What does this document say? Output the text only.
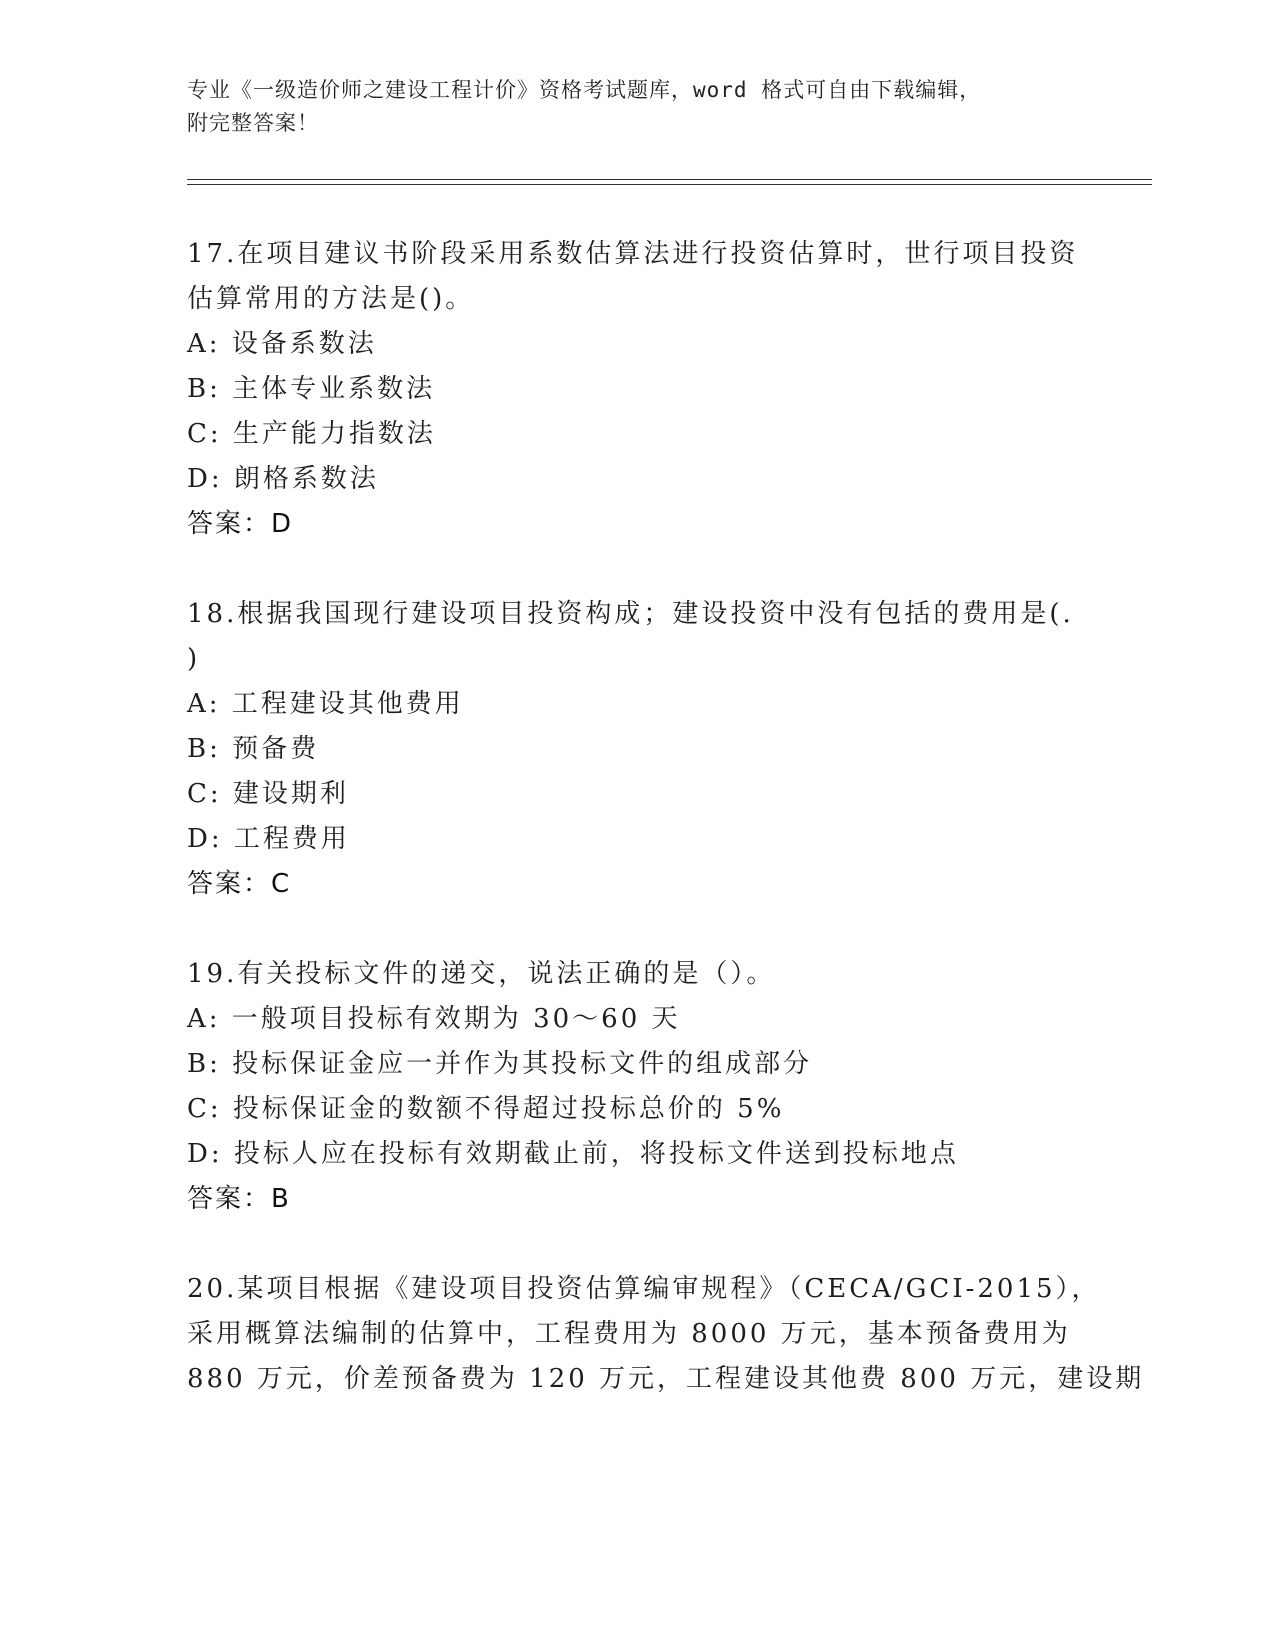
专业《一级造价师之建设工程计价》资格考试题库，word 格式可自由下载编辑，
附完整答案！
17.在项目建议书阶段采用系数估算法进行投资估算时，世行项目投资
估算常用的方法是()。
A: 设备系数法
B: 主体专业系数法
C: 生产能力指数法
D: 朗格系数法
答案：D
18.根据我国现行建设项目投资构成；建设投资中没有包括的费用是(.
)
A: 工程建设其他费用
B: 预备费
C: 建设期利
D: 工程费用
答案：C
19.有关投标文件的递交，说法正确的是（）。
A: 一般项目投标有效期为 30～60 天
B: 投标保证金应一并作为其投标文件的组成部分
C: 投标保证金的数额不得超过投标总价的 5%
D: 投标人应在投标有效期截止前，将投标文件送到投标地点
答案：B
20.某项目根据《建设项目投资估算编审规程》（CECA/GCI-2015），
采用概算法编制的估算中，工程费用为 8000 万元，基本预备费用为
880 万元，价差预备费为 120 万元，工程建设其他费 800 万元，建设期
